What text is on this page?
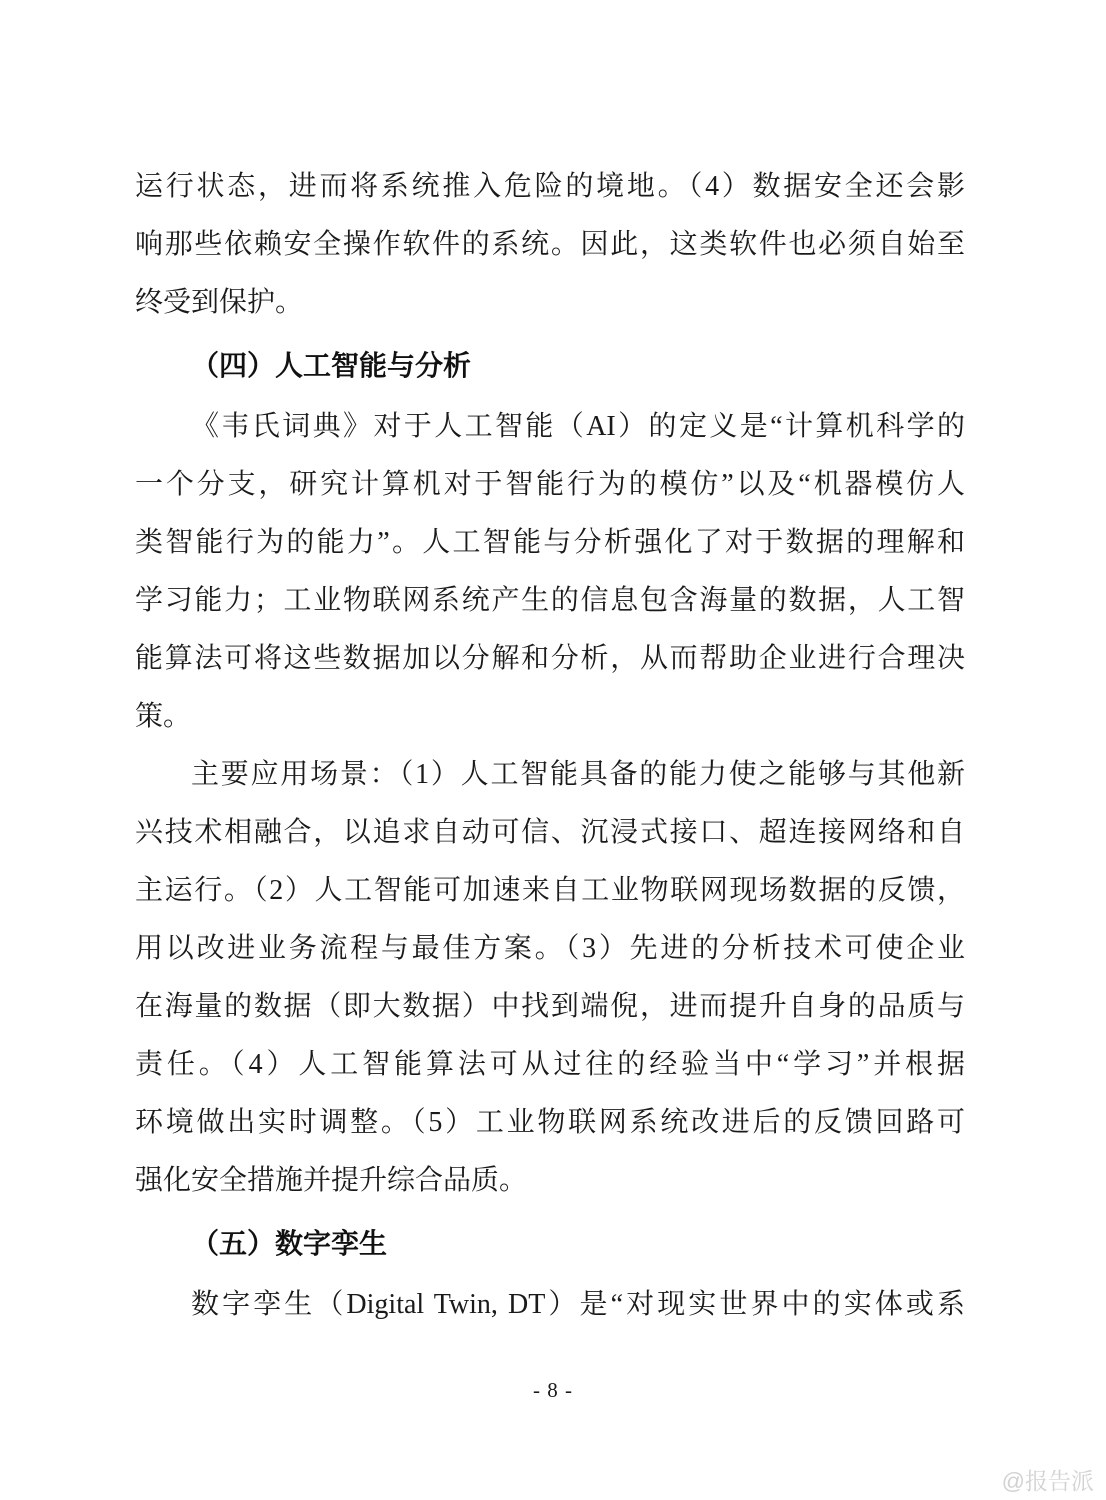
运行状态，进而将系统推入危险的境地。（4）数据安全还会影
响那些依赖安全操作软件的系统。因此，这类软件也必须自始至
终受到保护。
（四）人工智能与分析
《韦氏词典》对于人工智能（AI）的定义是“计算机科学的
一个分支，研究计算机对于智能行为的模仿”以及“机器模仿人
类智能行为的能力”。人工智能与分析强化了对于数据的理解和
学习能力；工业物联网系统产生的信息包含海量的数据，人工智
能算法可将这些数据加以分解和分析，从而帮助企业进行合理决
策。
主要应用场景：（1）人工智能具备的能力使之能够与其他新
兴技术相融合，以追求自动可信、沉浸式接口、超连接网络和自
主运行。（2）人工智能可加速来自工业物联网现场数据的反馈，
用以改进业务流程与最佳方案。（3）先进的分析技术可使企业
在海量的数据（即大数据）中找到端倪，进而提升自身的品质与
责任。（4）人工智能算法可从过往的经验当中“学习”并根据
环境做出实时调整。（5）工业物联网系统改进后的反馈回路可
强化安全措施并提升综合品质。
（五）数字孪生
数字孪生（Digital Twin, DT）是“对现实世界中的实体或系
- 8 -
@报告派
